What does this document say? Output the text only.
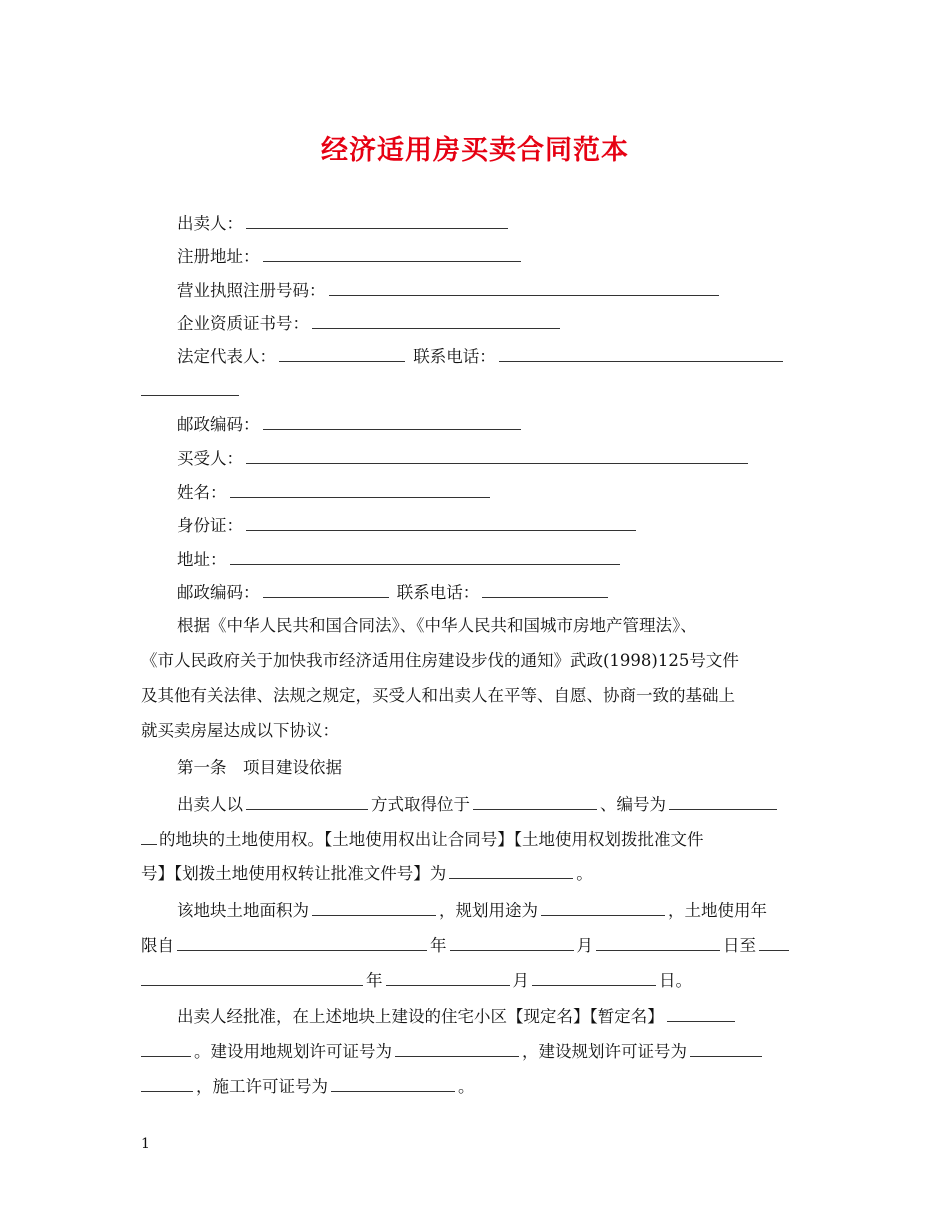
经济适用房买卖合同范本
出卖人：
注册地址：
营业执照注册号码：
企业资质证书号：
法定代表人：	联系电话：
邮政编码：
买受人：
姓名：
身份证：
地址：
邮政编码：	联系电话：
根据《中华人民共和国合同法》、《中华人民共和国城市房地产管理法》、
《市人民政府关于加快我市经济适用住房建设步伐的通知》武政(1998)125号文件
及其他有关法律、法规之规定，买受人和出卖人在平等、自愿、协商一致的基础上
就买卖房屋达成以下协议：
第一条　项目建设依据
出卖人以	方式取得位于	、编号为
的地块的土地使用权。【土地使用权出让合同号】【土地使用权划拨批准文件
号】【划拨土地使用权转让批准文件号】为	。
该地块土地面积为	，规划用途为	，土地使用年
限自	年	月	日至
年	月	日。
出卖人经批准，在上述地块上建设的住宅小区【现定名】【暂定名】
。建设用地规划许可证号为	，建设规划许可证号为
，施工许可证号为	。
1
